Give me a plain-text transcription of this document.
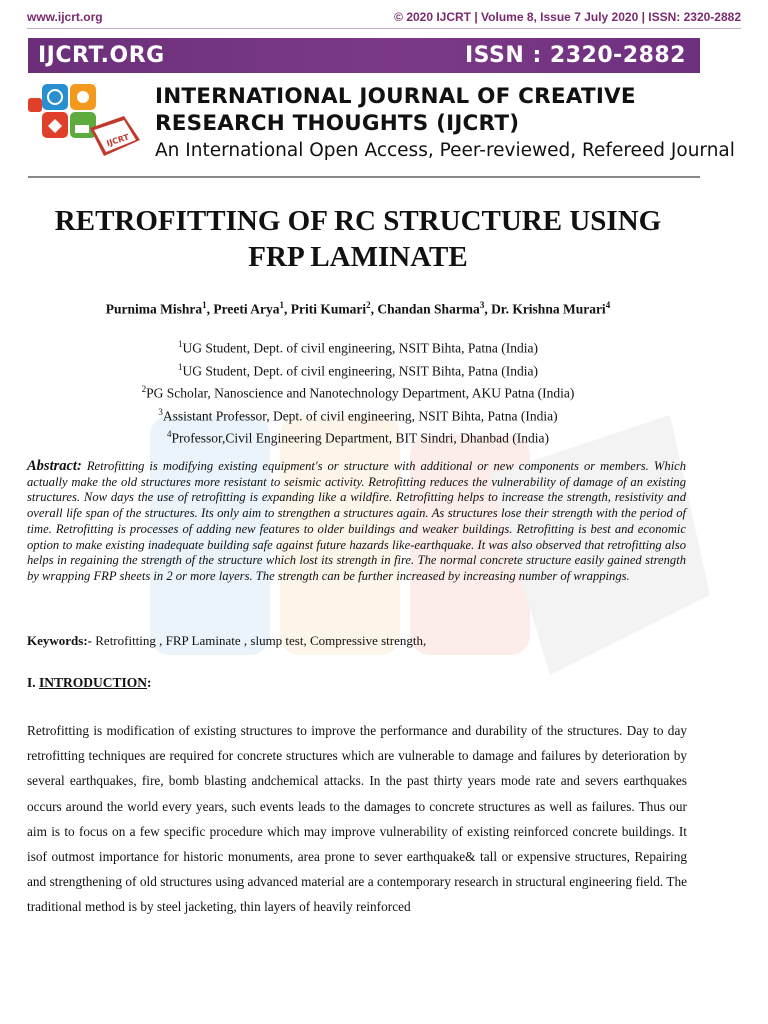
www.ijcrt.org	© 2020 IJCRT | Volume 8, Issue 7 July 2020 | ISSN: 2320-2882
IJCRT.ORG	ISSN : 2320-2882
IJCRT
INTERNATIONAL JOURNAL OF CREATIVE
RESEARCH THOUGHTS (IJCRT)
An International Open Access, Peer-reviewed, Refereed Journal
RETROFITTING OF RC STRUCTURE USING
FRP LAMINATE
Purnima Mishra$^1$, Preeti Arya$^1$, Priti Kumari$^2$, Chandan Sharma$^3$, Dr. Krishna Murari$^4$
$^1$UG Student, Dept. of civil engineering, NSIT Bihta, Patna (India)
$^1$UG Student, Dept. of civil engineering, NSIT Bihta, Patna (India)
$^2$PG Scholar, Nanoscience and Nanotechnology Department, AKU Patna (India)
$^3$Assistant Professor, Dept. of civil engineering, NSIT Bihta, Patna (India)
$^4$Professor,Civil Engineering Department, BIT Sindri, Dhanbad (India)
Abstract: Retrofitting is modifying existing equipment's or structure with additional or new components or members. Which actually make the old structures more resistant to seismic activity. Retrofitting reduces the vulnerability of damage of an existing structures. Now days the use of retrofitting is expanding like a wildfire. Retrofitting helps to increase the strength, resistivity and overall life span of the structures. Its only aim to strengthen a structures again. As structures lose their strength with the period of time. Retrofitting is processes of adding new features to older buildings and weaker buildings. Retrofitting is best and economic option to make existing inadequate building safe against future hazards like-earthquake. It was also observed that retrofitting also helps in regaining the strength of the structure which lost its strength in fire. The normal concrete structure easily gained strength by wrapping FRP sheets in 2 or more layers. The strength can be further increased by increasing number of wrappings.
Keywords:- Retrofitting , FRP Laminate , slump test, Compressive strength,
I. INTRODUCTION:
Retrofitting is modification of existing structures to improve the performance and durability of the structures. Day to day retrofitting techniques are required for concrete structures which are vulnerable to damage and failures by deterioration by several earthquakes, fire, bomb blasting andchemical attacks. In the past thirty years mode rate and severs earthquakes occurs around the world every years, such events leads to the damages to concrete structures as well as failures. Thus our aim is to focus on a few specific procedure which may improve vulnerability of existing reinforced concrete buildings. It isof outmost importance for historic monuments, area prone to sever earthquake& tall or expensive structures, Repairing and strengthening of old structures using advanced material are a contemporary research in structural engineering field. The traditional method is by steel jacketing, thin layers of heavily reinforced
